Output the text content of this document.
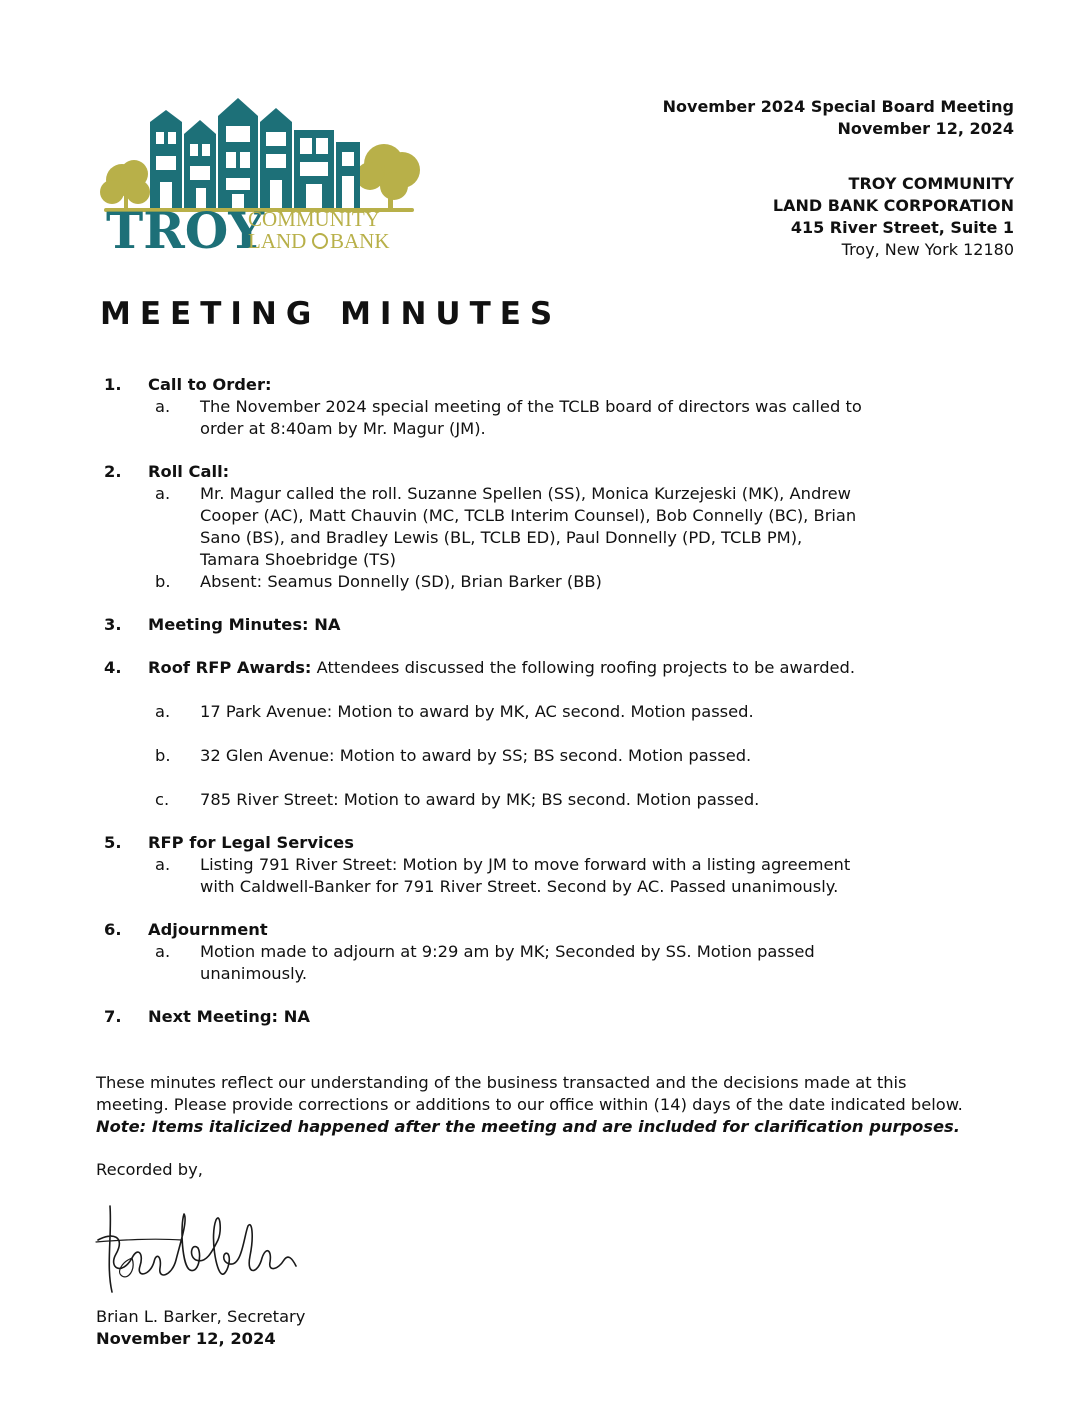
TROY
COMMUNITY
LAND BANK
November 2024 Special Board Meeting
November 12, 2024
TROY COMMUNITY
LAND BANK CORPORATION
415 River Street, Suite 1
Troy, New York 12180
MEETING MINUTES
1.	Call to Order:
a.	The November 2024 special meeting of the TCLB board of directors was called to order at 8:40am by Mr. Magur (JM).
2.	Roll Call:
a.	Mr. Magur called the roll. Suzanne Spellen (SS), Monica Kurzejeski (MK), Andrew Cooper (AC), Matt Chauvin (MC, TCLB Interim Counsel), Bob Connelly (BC), Brian Sano (BS), and Bradley Lewis (BL, TCLB ED), Paul Donnelly (PD, TCLB PM), Tamara Shoebridge (TS)
b.	Absent: Seamus Donnelly (SD), Brian Barker (BB)
3.	Meeting Minutes: NA
4.	Roof RFP Awards: Attendees discussed the following roofing projects to be awarded.
a.	17 Park Avenue: Motion to award by MK, AC second. Motion passed.
b.	32 Glen Avenue: Motion to award by SS; BS second. Motion passed.
c.	785 River Street: Motion to award by MK; BS second. Motion passed.
5.	RFP for Legal Services
a.	Listing 791 River Street: Motion by JM to move forward with a listing agreement with Caldwell-Banker for 791 River Street. Second by AC. Passed unanimously.
6.	Adjournment
a.	Motion made to adjourn at 9:29 am by MK; Seconded by SS. Motion passed unanimously.
7.	Next Meeting: NA
These minutes reflect our understanding of the business transacted and the decisions made at this meeting. Please provide corrections or additions to our office within (14) days of the date indicated below. Note: Items italicized happened after the meeting and are included for clarification purposes.
Recorded by,
Brian L. Barker, Secretary
November 12, 2024
